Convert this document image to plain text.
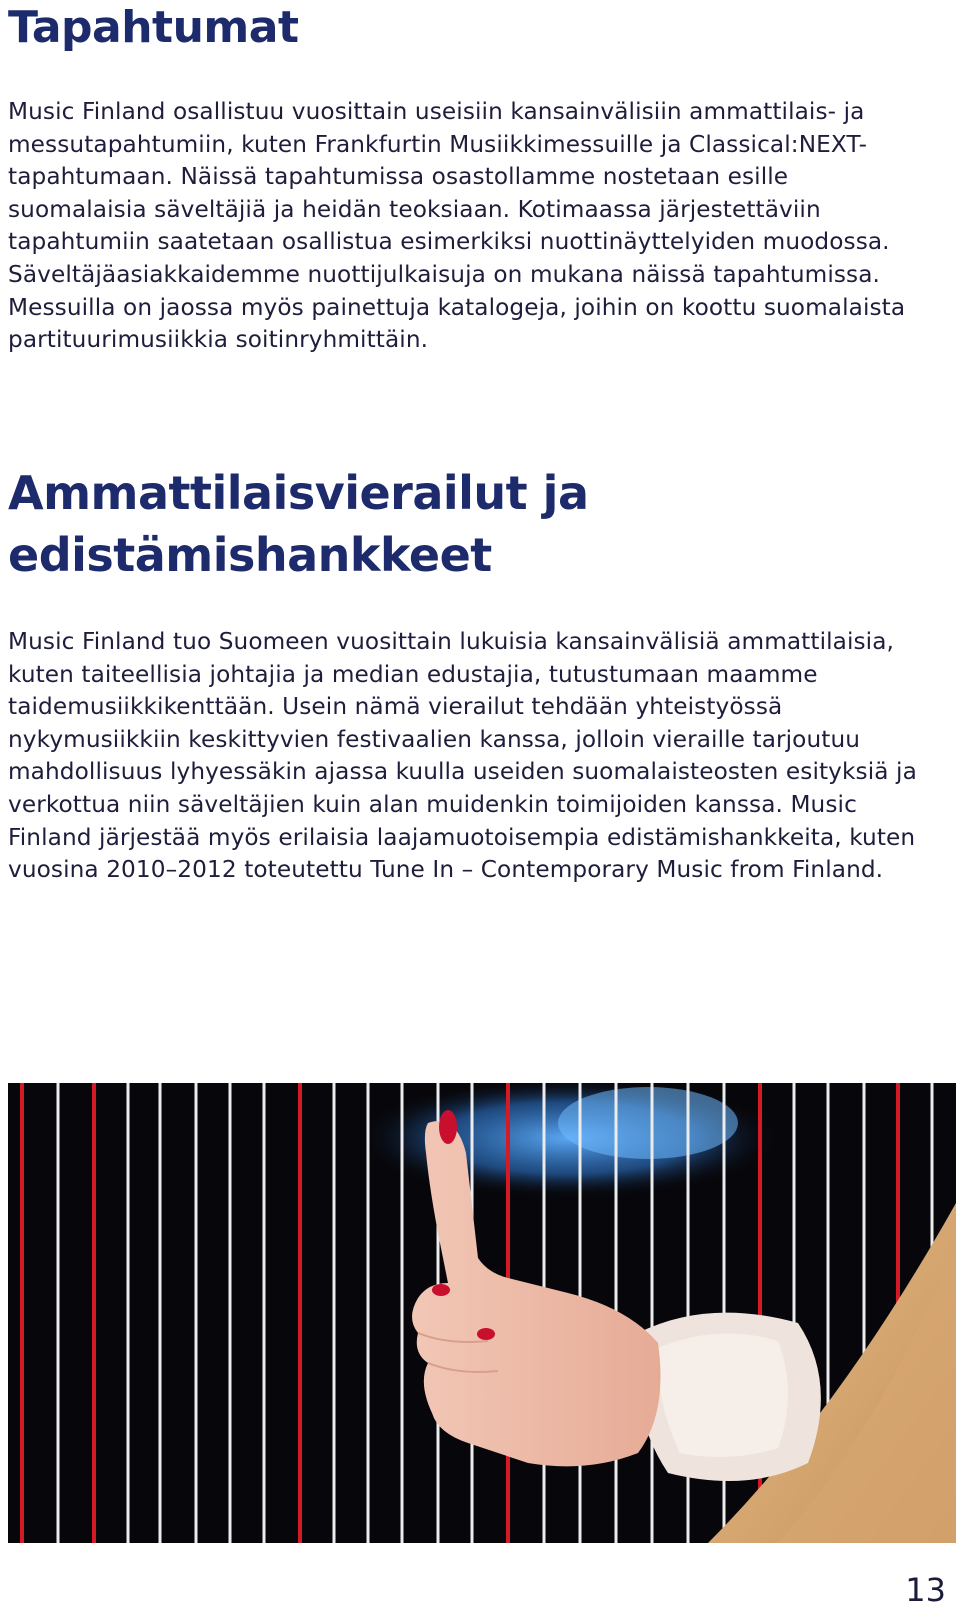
Tapahtumat

Music Finland osallistuu vuosittain useisiin kansainvälisiin ammattilais- ja messutapahtumiin, kuten Frankfurtin Musiikkimessuille ja Classical:NEXT-tapahtumaan. Näissä tapahtumissa osastollamme nostetaan esille suomalaisia säveltäjiä ja heidän teoksiaan. Kotimaassa järjestettäviin tapahtumiin saatetaan osallistua esimerkiksi nuottinäyttelyiden muodossa. Säveltäjäasiakkaidemme nuottijulkaisuja on mukana näissä tapahtumissa. Messuilla on jaossa myös painettuja katalogeja, joihin on koottu suomalaista partituurimusiikkia soitinryhmittäin.

Ammattilaisvierailut ja edistämishankkeet

Music Finland tuo Suomeen vuosittain lukuisia kansainvälisiä ammattilaisia, kuten taiteellisia johtajia ja median edustajia, tutustumaan maamme taidemusiikkikenttään. Usein nämä vierailut tehdään yhteistyössä nykymusiikkiin keskittyvien festivaalien kanssa, jolloin vieraille tarjoutuu mahdollisuus lyhyessäkin ajassa kuulla useiden suomalaisteosten esityksiä ja verkottua niin säveltäjien kuin alan muidenkin toimijoiden kanssa. Music Finland järjestää myös erilaisia laajamuotoisempia edistämishankkeita, kuten vuosina 2010–2012 toteutettu Tune In – Contemporary Music from Finland.

13
